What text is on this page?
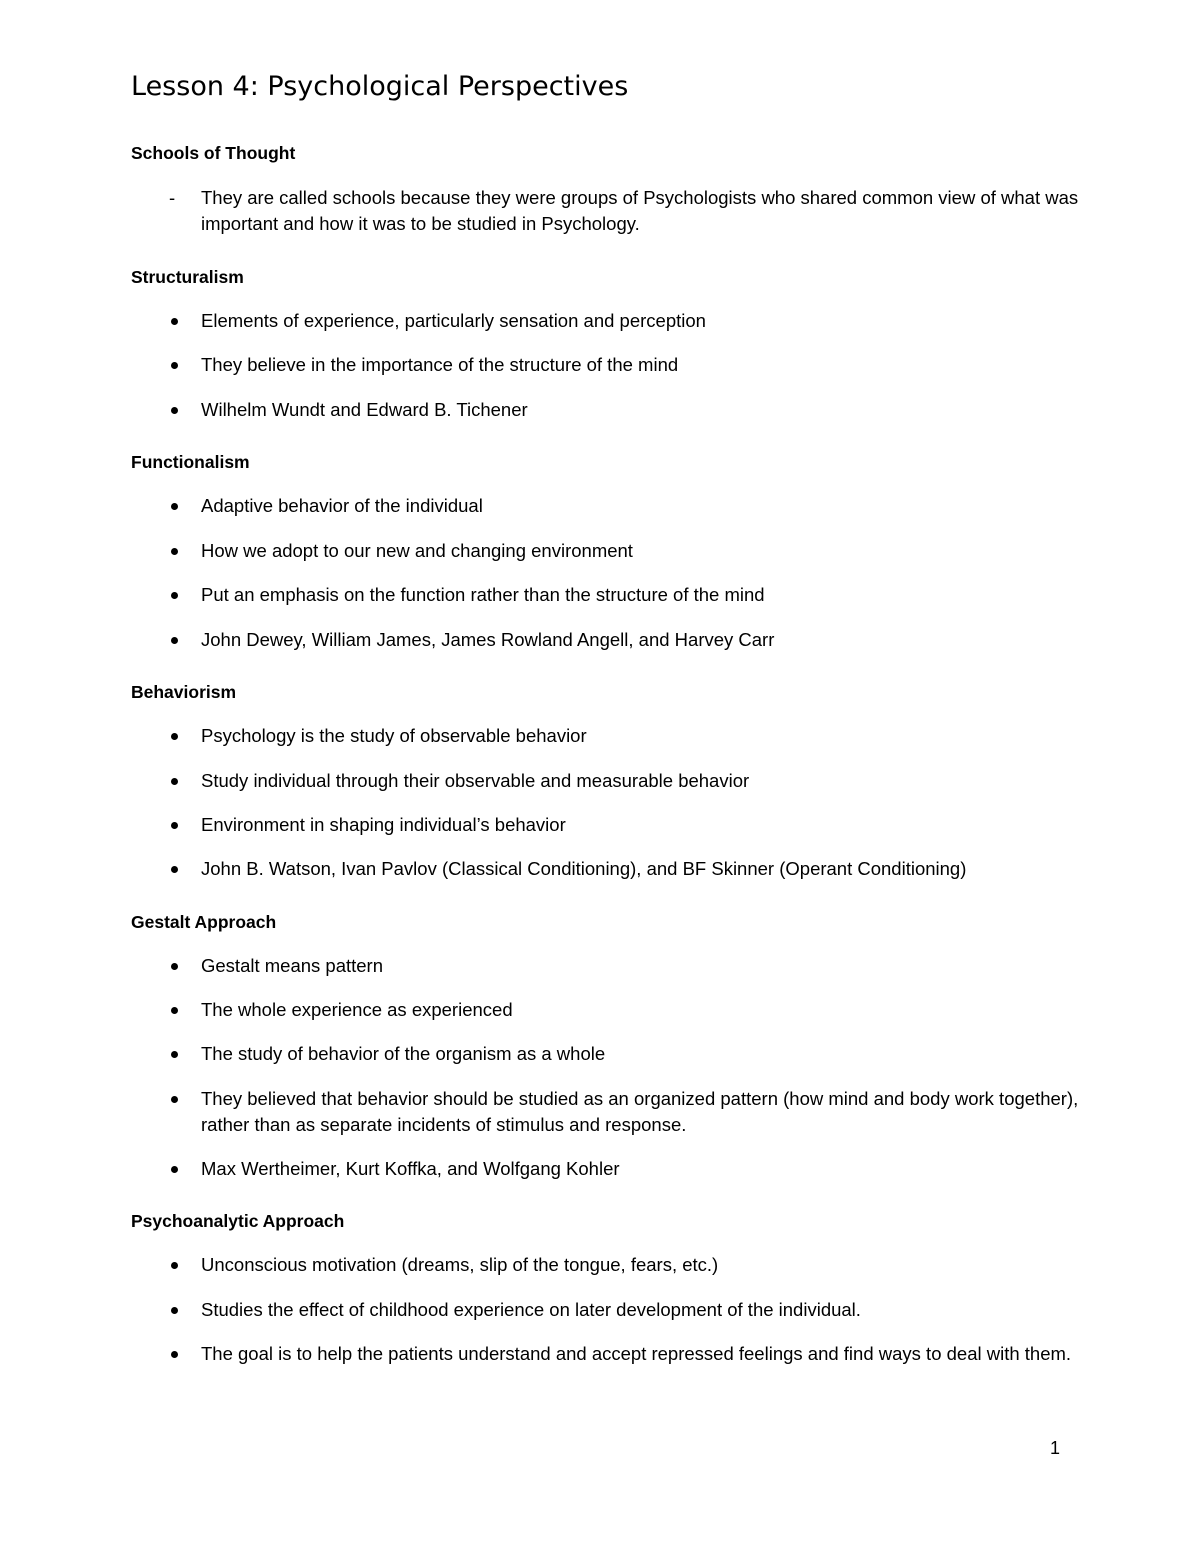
Lesson 4: Psychological Perspectives
Schools of Thought
-	They are called schools because they were groups of Psychologists who shared common view of what was important and how it was to be studied in Psychology.
Structuralism
Elements of experience, particularly sensation and perception
They believe in the importance of the structure of the mind
Wilhelm Wundt and Edward B. Tichener
Functionalism
Adaptive behavior of the individual
How we adopt to our new and changing environment
Put an emphasis on the function rather than the structure of the mind
John Dewey, William James, James Rowland Angell, and Harvey Carr
Behaviorism
Psychology is the study of observable behavior
Study individual through their observable and measurable behavior
Environment in shaping individual’s behavior
John B. Watson, Ivan Pavlov (Classical Conditioning), and BF Skinner (Operant Conditioning)
Gestalt Approach
Gestalt means pattern
The whole experience as experienced
The study of behavior of the organism as a whole
They believed that behavior should be studied as an organized pattern (how mind and body work together), rather than as separate incidents of stimulus and response.
Max Wertheimer, Kurt Koffka, and Wolfgang Kohler
Psychoanalytic Approach
Unconscious motivation (dreams, slip of the tongue, fears, etc.)
Studies the effect of childhood experience on later development of the individual.
The goal is to help the patients understand and accept repressed feelings and find ways to deal with them.
1
